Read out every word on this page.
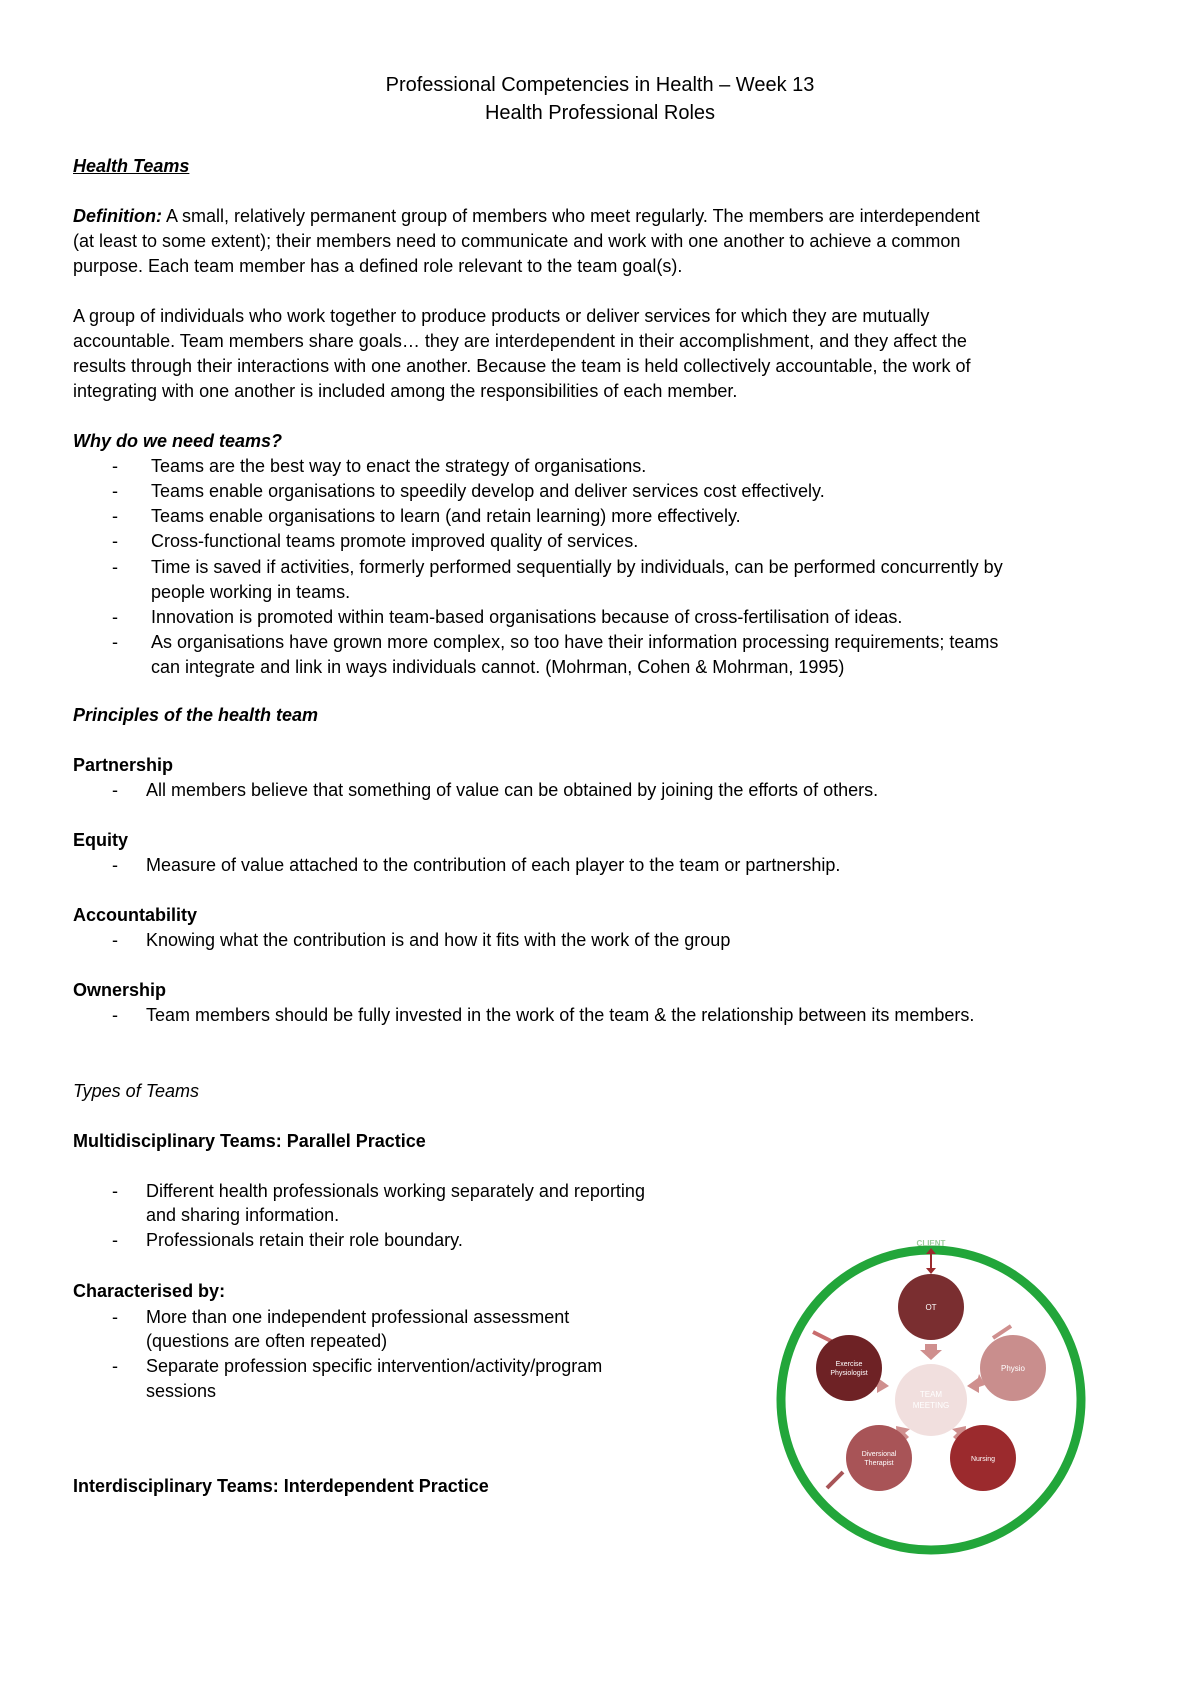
Professional Competencies in Health – Week 13
Health Professional Roles
Health Teams
Definition: A small, relatively permanent group of members who meet regularly. The members are interdependent
(at least to some extent); their members need to communicate and work with one another to achieve a common
purpose. Each team member has a defined role relevant to the team goal(s).
A group of individuals who work together to produce products or deliver services for which they are mutually
accountable. Team members share goals… they are interdependent in their accomplishment, and they affect the
results through their interactions with one another. Because the team is held collectively accountable, the work of
integrating with one another is included among the responsibilities of each member.
Why do we need teams?
- Teams are the best way to enact the strategy of organisations.
- Teams enable organisations to speedily develop and deliver services cost effectively.
- Teams enable organisations to learn (and retain learning) more effectively.
- Cross-functional teams promote improved quality of services.
- Time is saved if activities, formerly performed sequentially by individuals, can be performed concurrently by
people working in teams.
- Innovation is promoted within team-based organisations because of cross-fertilisation of ideas.
- As organisations have grown more complex, so too have their information processing requirements; teams
can integrate and link in ways individuals cannot. (Mohrman, Cohen & Mohrman, 1995)
Principles of the health team
Partnership
- All members believe that something of value can be obtained by joining the efforts of others.
Equity
- Measure of value attached to the contribution of each player to the team or partnership.
Accountability
- Knowing what the contribution is and how it fits with the work of the group
Ownership
- Team members should be fully invested in the work of the team & the relationship between its members.
Types of Teams
Multidisciplinary Teams: Parallel Practice
- Different health professionals working separately and reporting
and sharing information.
- Professionals retain their role boundary.
Characterised by:
- More than one independent professional assessment
(questions are often repeated)
- Separate profession specific intervention/activity/program
sessions
Interdisciplinary Teams: Interdependent Practice
CLIENT
TEAM
MEETING
OT
Physio
Exercise
Physiologist
Nursing
Diversional
Therapist
